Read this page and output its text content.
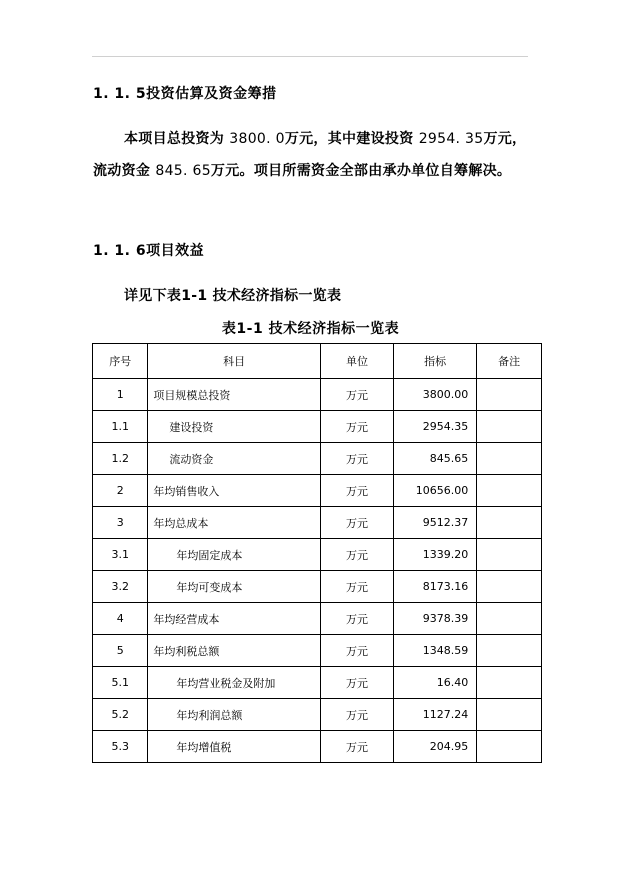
1. 1. 5投资估算及资金筹措
本项目总投资为 3800. 0万元，其中建设投资 2954. 35万元，
流动资金 845. 65万元。项目所需资金全部由承办单位自筹解决。
1. 1. 6项目效益
详见下表1-1 技术经济指标一览表
表1-1 技术经济指标一览表
序号	科目	单位	指标	备注
1	项目规模总投资	万元	3800.00	
1.1	建设投资	万元	2954.35	
1.2	流动资金	万元	845.65	
2	年均销售收入	万元	10656.00	
3	年均总成本	万元	9512.37	
3.1	年均固定成本	万元	1339.20	
3.2	年均可变成本	万元	8173.16	
4	年均经营成本	万元	9378.39	
5	年均利税总额	万元	1348.59	
5.1	年均营业税金及附加	万元	16.40	
5.2	年均利润总额	万元	1127.24	
5.3	年均增值税	万元	204.95	
